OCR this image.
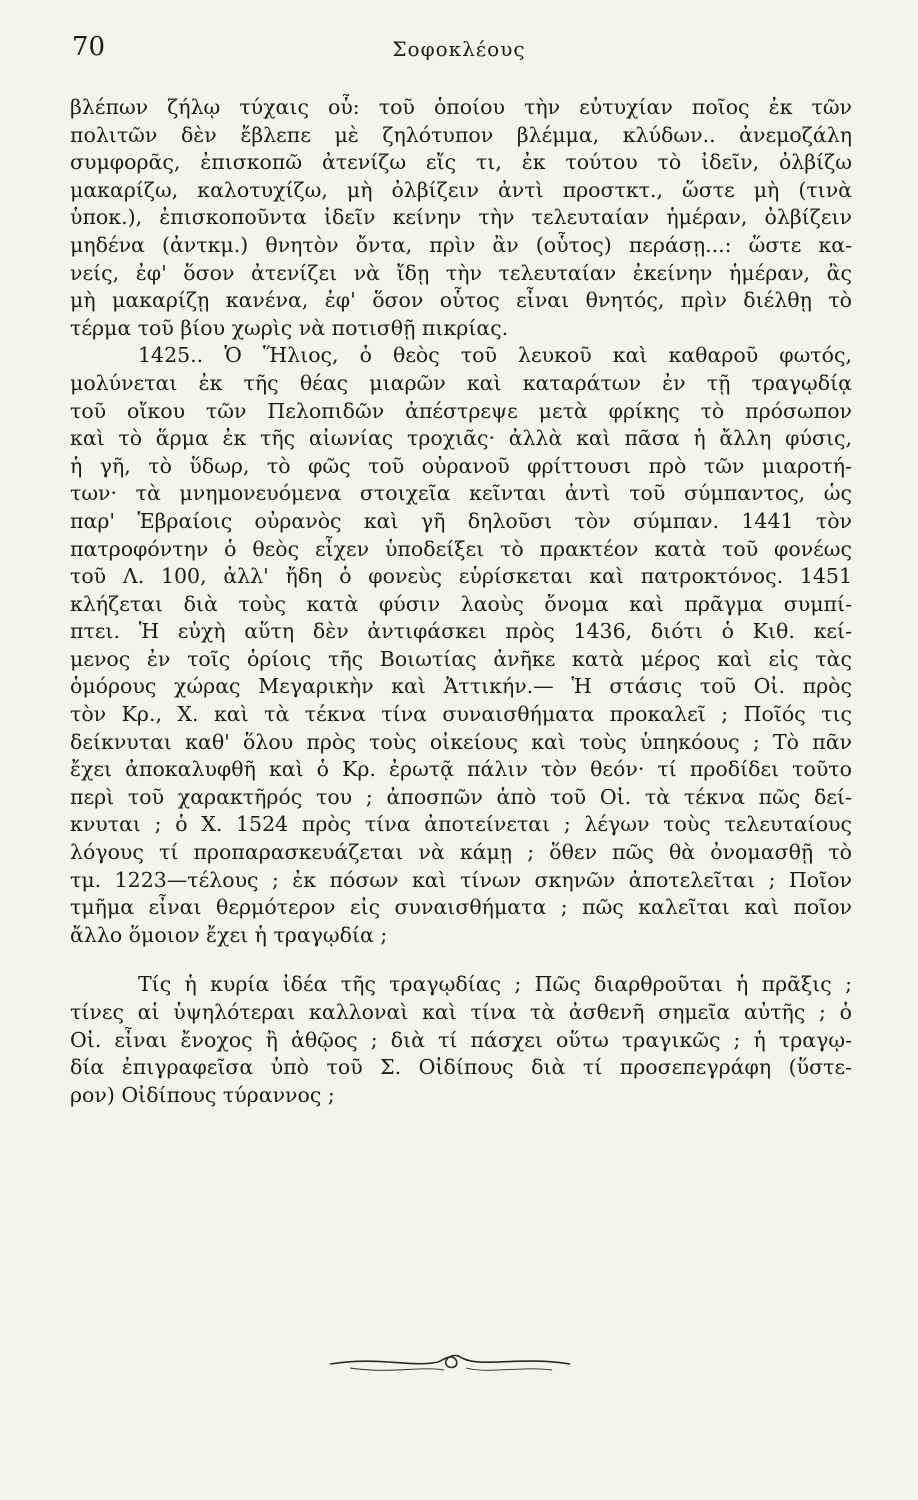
70	Σοφοκλέους
βλέπων ζήλῳ τύχαις οὗ: τοῦ ὁποίου τὴν εὐτυχίαν ποῖος ἐκ τῶν
πολιτῶν δὲν ἔβλεπε μὲ ζηλότυπον βλέμμα, κλύδων.. ἀνεμοζάλη
συμφορᾶς, ἐπισκοπῶ ἀτενίζω εἴς τι, ἐκ τούτου τὸ ἰδεῖν, ὀλβίζω
μακαρίζω, καλοτυχίζω, μὴ ὀλβίζειν ἀντὶ προστκτ., ὥστε μὴ (τινὰ
ὑποκ.), ἐπισκοποῦντα ἰδεῖν κείνην τὴν τελευταίαν ἡμέραν, ὀλβίζειν
μηδένα (ἀντκμ.) θνητὸν ὄντα, πρὶν ἂν (οὗτος) περάσῃ...: ὥστε κα-
νείς, ἐφ' ὅσον ἀτενίζει νὰ ἴδῃ τὴν τελευταίαν ἐκείνην ἡμέραν, ἂς
μὴ μακαρίζῃ κανένα, ἐφ' ὅσον οὗτος εἶναι θνητός, πρὶν διέλθῃ τὸ
τέρμα τοῦ βίου χωρὶς νὰ ποτισθῇ πικρίας.
1425.. Ὁ Ἥλιος, ὁ θεὸς τοῦ λευκοῦ καὶ καθαροῦ φωτός,
μολύνεται ἐκ τῆς θέας μιαρῶν καὶ καταράτων ἐν τῇ τραγῳδίᾳ
τοῦ οἴκου τῶν Πελοπιδῶν ἀπέστρεψε μετὰ φρίκης τὸ πρόσωπον
καὶ τὸ ἅρμα ἐκ τῆς αἰωνίας τροχιᾶς· ἀλλὰ καὶ πᾶσα ἡ ἄλλη φύσις,
ἡ γῆ, τὸ ὕδωρ, τὸ φῶς τοῦ οὐρανοῦ φρίττουσι πρὸ τῶν μιαροτή-
των· τὰ μνημονευόμενα στοιχεῖα κεῖνται ἀντὶ τοῦ σύμπαντος, ὡς
παρ' Ἑβραίοις οὐρανὸς καὶ γῆ δηλοῦσι τὸν σύμπαν. 1441 τὸν
πατροφόντην ὁ θεὸς εἶχεν ὑποδείξει τὸ πρακτέον κατὰ τοῦ φονέως
τοῦ Λ. 100, ἀλλ' ἤδη ὁ φονεὺς εὑρίσκεται καὶ πατροκτόνος. 1451
κλήζεται διὰ τοὺς κατὰ φύσιν λαοὺς ὄνομα καὶ πρᾶγμα συμπί-
πτει. Ἡ εὐχὴ αὕτη δὲν ἀντιφάσκει πρὸς 1436, διότι ὁ Κιθ. κεί-
μενος ἐν τοῖς ὁρίοις τῆς Βοιωτίας ἀνῆκε κατὰ μέρος καὶ εἰς τὰς
ὁμόρους χώρας Μεγαρικὴν καὶ Ἀττικήν.— Ἡ στάσις τοῦ Οἰ. πρὸς
τὸν Κρ., Χ. καὶ τὰ τέκνα τίνα συναισθήματα προκαλεῖ ; Ποῖός τις
δείκνυται καθ' ὅλου πρὸς τοὺς οἰκείους καὶ τοὺς ὑπηκόους ; Τὸ πᾶν
ἔχει ἀποκαλυφθῆ καὶ ὁ Κρ. ἐρωτᾷ πάλιν τὸν θεόν· τί προδίδει τοῦτο
περὶ τοῦ χαρακτῆρός του ; ἀποσπῶν ἀπὸ τοῦ Οἰ. τὰ τέκνα πῶς δεί-
κνυται ; ὁ Χ. 1524 πρὸς τίνα ἀποτείνεται ; λέγων τοὺς τελευταίους
λόγους τί προπαρασκευάζεται νὰ κάμῃ ; ὅθεν πῶς θὰ ὀνομασθῇ τὸ
τμ. 1223—τέλους ; ἐκ πόσων καὶ τίνων σκηνῶν ἀποτελεῖται ; Ποῖον
τμῆμα εἶναι θερμότερον εἰς συναισθήματα ; πῶς καλεῖται καὶ ποῖον
ἄλλο ὅμοιον ἔχει ἡ τραγῳδία ;
Τίς ἡ κυρία ἰδέα τῆς τραγῳδίας ; Πῶς διαρθροῦται ἡ πρᾶξις ;
τίνες αἱ ὑψηλότεραι καλλοναὶ καὶ τίνα τὰ ἀσθενῆ σημεῖα αὐτῆς ; ὁ
Οἰ. εἶναι ἔνοχος ἢ ἀθῷος ; διὰ τί πάσχει οὕτω τραγικῶς ; ἡ τραγῳ-
δία ἐπιγραφεῖσα ὑπὸ τοῦ Σ. Οἰδίπους διὰ τί προσεπεγράφη (ὕστε-
ρον) Οἰδίπους τύραννος ;
